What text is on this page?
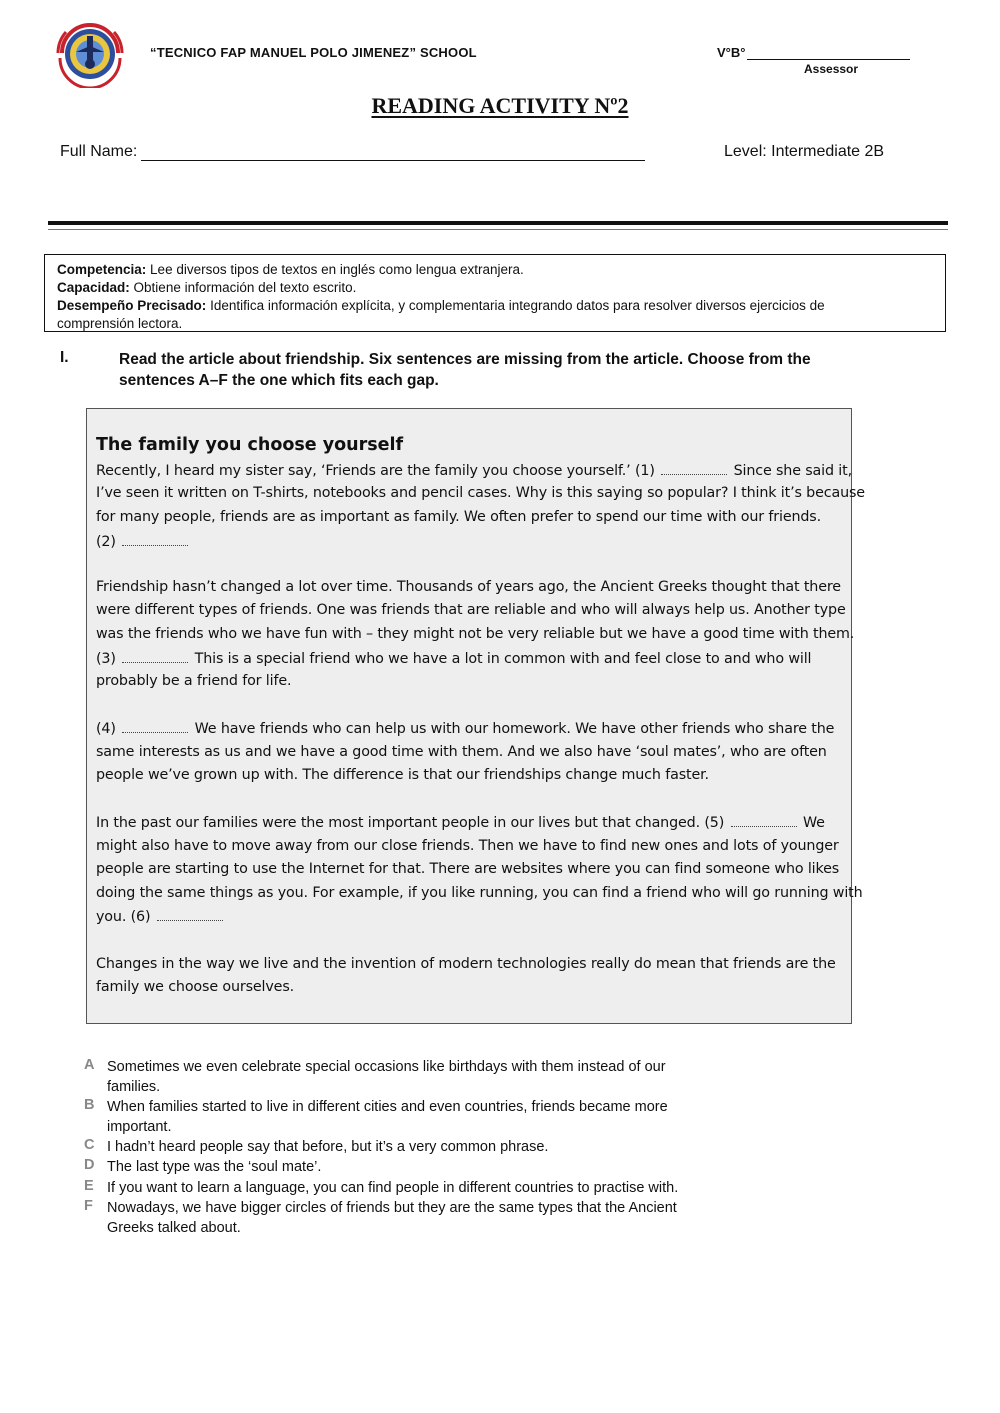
“TECNICO FAP MANUEL POLO JIMENEZ” SCHOOL	V°B°
Assessor
READING ACTIVITY Nº2
Full Name:	Level: Intermediate 2B
Competencia: Lee diversos tipos de textos en inglés como lengua extranjera.
Capacidad: Obtiene información del texto escrito.
Desempeño Precisado: Identifica información explícita, y complementaria integrando datos para resolver diversos ejercicios de
comprensión lectora.
I.	Read the article about friendship. Six sentences are missing from the article. Choose from the
sentences A–F the one which fits each gap.
The family you choose yourself
Recently, I heard my sister say, ‘Friends are the family you choose yourself.’ (1)	Since she said it,
I’ve seen it written on T-shirts, notebooks and pencil cases. Why is this saying so popular? I think it’s because
for many people, friends are as important as family. We often prefer to spend our time with our friends.
(2)
Friendship hasn’t changed a lot over time. Thousands of years ago, the Ancient Greeks thought that there
were different types of friends. One was friends that are reliable and who will always help us. Another type
was the friends who we have fun with – they might not be very reliable but we have a good time with them.
(3)	This is a special friend who we have a lot in common with and feel close to and who will
probably be a friend for life.
(4)	We have friends who can help us with our homework. We have other friends who share the
same interests as us and we have a good time with them. And we also have ‘soul mates’, who are often
people we’ve grown up with. The difference is that our friendships change much faster.
In the past our families were the most important people in our lives but that changed. (5)	We
might also have to move away from our close friends. Then we have to find new ones and lots of younger
people are starting to use the Internet for that. There are websites where you can find someone who likes
doing the same things as you. For example, if you like running, you can find a friend who will go running with
you. (6)
Changes in the way we live and the invention of modern technologies really do mean that friends are the
family we choose ourselves.
A Sometimes we even celebrate special occasions like birthdays with them instead of our families.
B When families started to live in different cities and even countries, friends became more important.
C I hadn’t heard people say that before, but it’s a very common phrase.
D The last type was the ‘soul mate’.
E If you want to learn a language, you can find people in different countries to practise with.
F Nowadays, we have bigger circles of friends but they are the same types that the Ancient Greeks talked about.
